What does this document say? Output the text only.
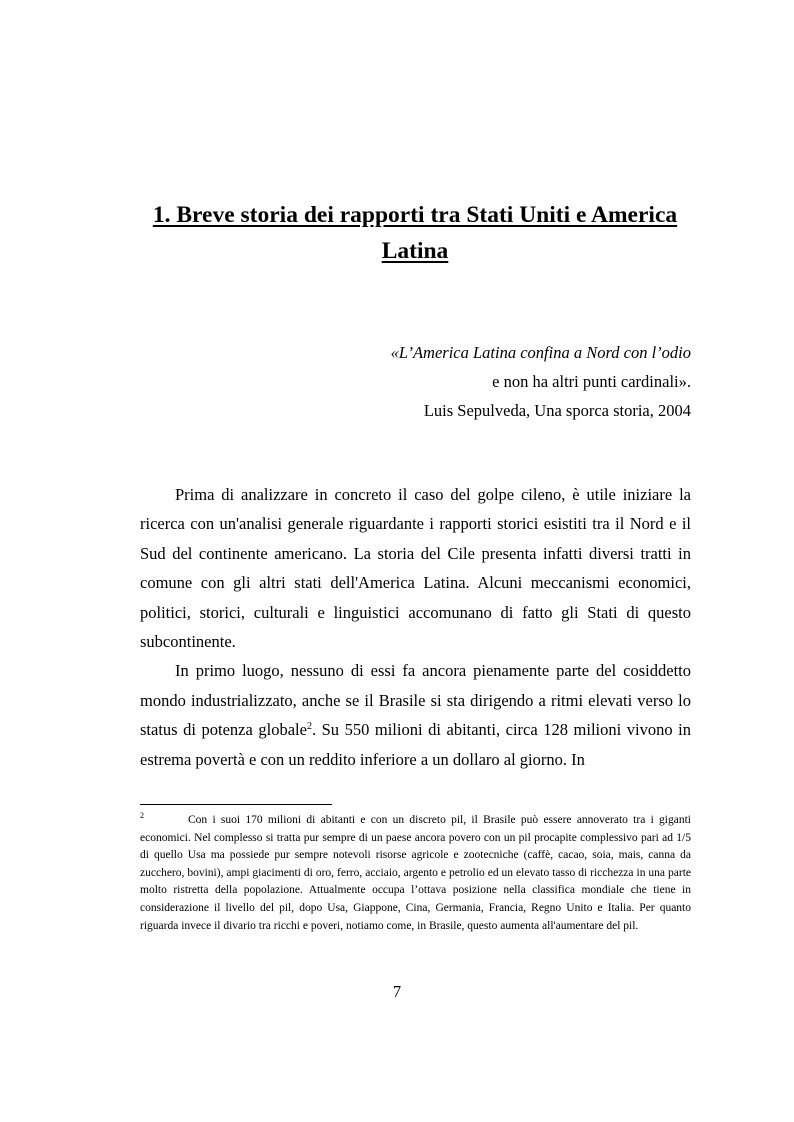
1. Breve storia dei rapporti tra Stati Uniti e America
Latina
«L’America Latina confina a Nord con l’odio
e non ha altri punti cardinali».
Luis Sepulveda, Una sporca storia, 2004

Prima di analizzare in concreto il caso del golpe cileno, è utile iniziare la ricerca con un'analisi generale riguardante i rapporti storici esistiti tra il Nord e il Sud del continente americano. La storia del Cile presenta infatti diversi tratti in comune con gli altri stati dell'America Latina. Alcuni meccanismi economici, politici, storici, culturali e linguistici accomunano di fatto gli Stati di questo subcontinente.

In primo luogo, nessuno di essi fa ancora pienamente parte del cosiddetto mondo industrializzato, anche se il Brasile si sta dirigendo a ritmi elevati verso lo status di potenza globale$^2$. Su 550 milioni di abitanti, circa 128 milioni vivono in estrema povertà e con un reddito inferiore a un dollaro al giorno. In

2	Con i suoi 170 milioni di abitanti e con un discreto pil, il Brasile può essere annoverato tra i giganti economici. Nel complesso si tratta pur sempre di un paese ancora povero con un pil procapite complessivo pari ad 1/5 di quello Usa ma possiede pur sempre notevoli risorse agricole e zootecniche (caffè, cacao, soia, mais, canna da zucchero, bovini), ampi giacimenti di oro, ferro, acciaio, argento e petrolio ed un elevato tasso di ricchezza in una parte molto ristretta della popolazione. Attualmente occupa l’ottava posizione nella classifica mondiale che tiene in considerazione il livello del pil, dopo Usa, Giappone, Cina, Germania, Francia, Regno Unito e Italia. Per quanto riguarda invece il divario tra ricchi e poveri, notiamo come, in Brasile, questo aumenta all'aumentare del pil.
7
